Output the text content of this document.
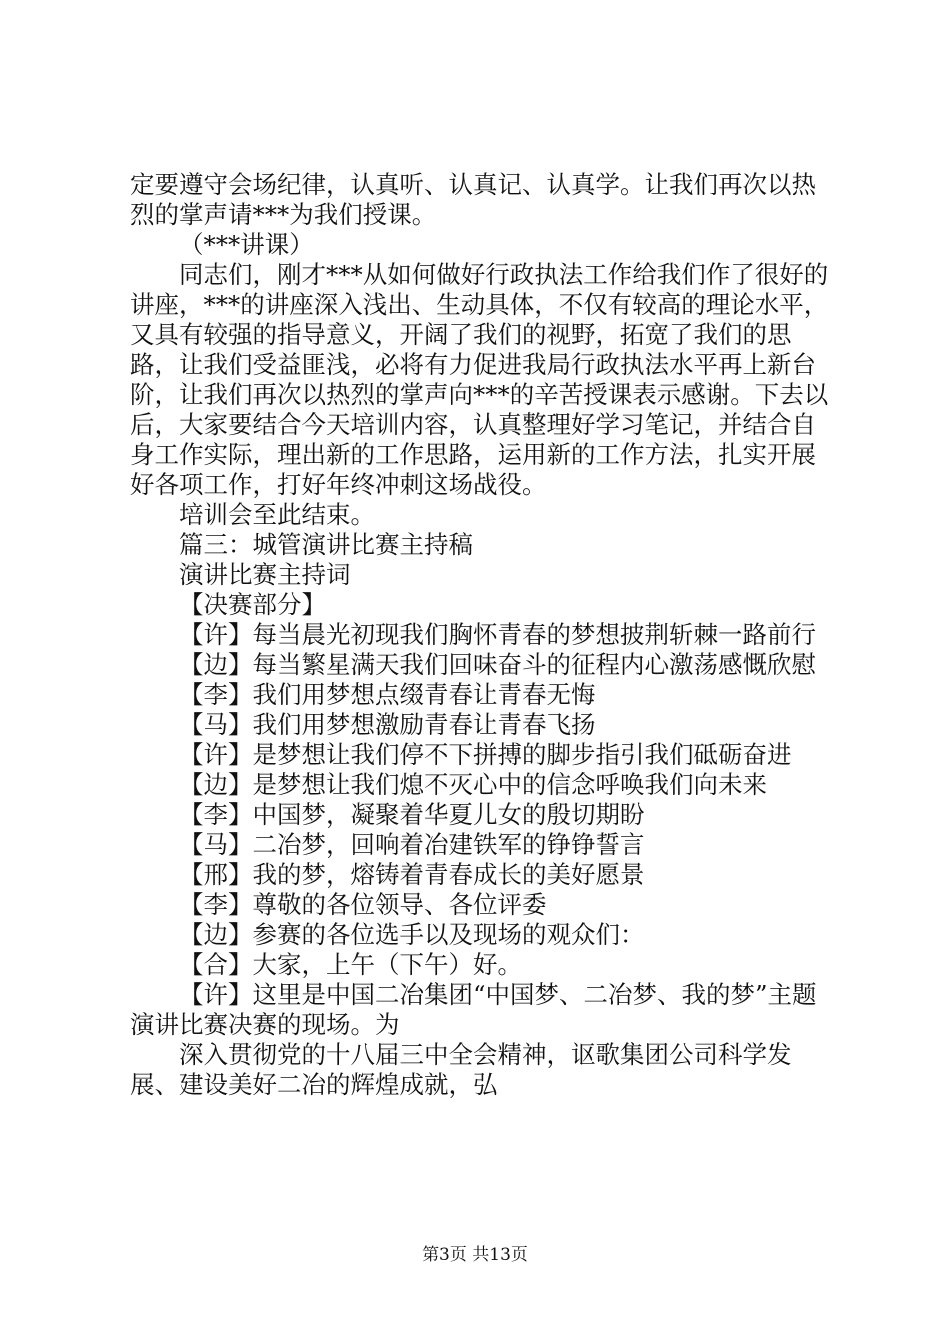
定要遵守会场纪律，认真听、认真记、认真学。让我们再次以热烈的掌声请***为我们授课。

（***讲课）

同志们，刚才***从如何做好行政执法工作给我们作了很好的讲座，***的讲座深入浅出、生动具体，不仅有较高的理论水平，又具有较强的指导意义，开阔了我们的视野，拓宽了我们的思路，让我们受益匪浅，必将有力促进我局行政执法水平再上新台阶，让我们再次以热烈的掌声向***的辛苦授课表示感谢。下去以后，大家要结合今天培训内容，认真整理好学习笔记，并结合自身工作实际，理出新的工作思路，运用新的工作方法，扎实开展好各项工作，打好年终冲刺这场战役。

培训会至此结束。

篇三：城管演讲比赛主持稿

演讲比赛主持词

【决赛部分】

【许】每当晨光初现我们胸怀青春的梦想披荆斩棘一路前行

【边】每当繁星满天我们回味奋斗的征程内心激荡感慨欣慰

【李】我们用梦想点缀青春让青春无悔

【马】我们用梦想激励青春让青春飞扬

【许】是梦想让我们停不下拼搏的脚步指引我们砥砺奋进

【边】是梦想让我们熄不灭心中的信念呼唤我们向未来

【李】中国梦，凝聚着华夏儿女的殷切期盼

【马】二冶梦，回响着冶建铁军的铮铮誓言

【邢】我的梦，熔铸着青春成长的美好愿景

【李】尊敬的各位领导、各位评委

【边】参赛的各位选手以及现场的观众们：

【合】大家，上午（下午）好。

【许】这里是中国二冶集团“中国梦、二冶梦、我的梦”主题演讲比赛决赛的现场。为

深入贯彻党的十八届三中全会精神，讴歌集团公司科学发展、建设美好二冶的辉煌成就，弘

第3页 共13页
